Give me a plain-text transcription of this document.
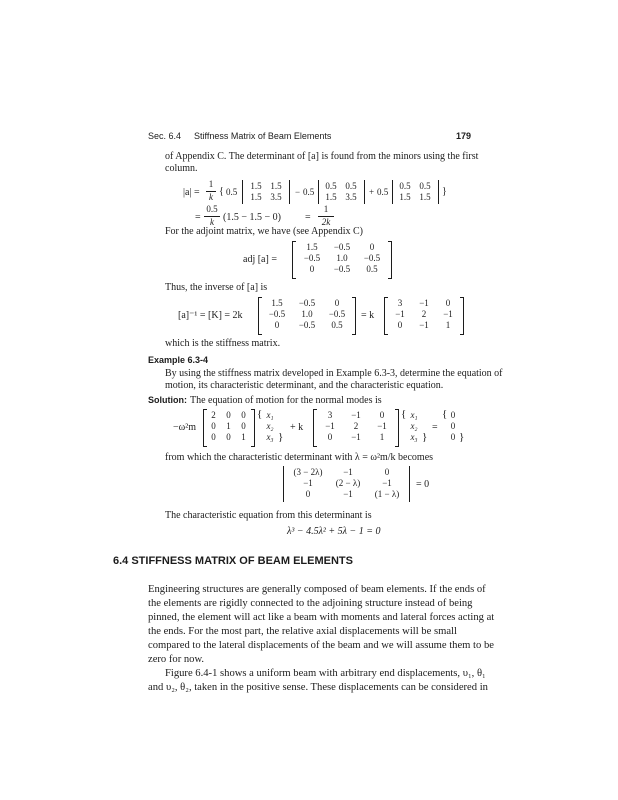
Sec. 6.4 Stiffness Matrix of Beam Elements	179
of Appendix C. The determinant of [a] is found from the minors using the first
column.
|a| =
1
k { 0.5
1.5 1.5
1.5 3.5	− 0.5
0.5 0.5
1.5 3.5	+ 0.5
0.5 0.5
1.5 1.5	}
=
0.5
k (1.5 − 1.5 − 0) =
1
2k
For the adjoint matrix, we have (see Appendix C)
adj [a] =
1.5	−0.5	0
−0.5	1.0	−0.5
0	−0.5	0.5
Thus, the inverse of [a] is
[a]⁻¹ = [K] = 2k
1.5	−0.5	0
−0.5	1.0	−0.5
0	−0.5	0.5
= k
3	−1	0
−1	2	−1
0	−1	1
which is the stiffness matrix.
Example 6.3-4
By using the stiffness matrix developed in Example 6.3-3, determine the equation of
motion, its characteristic determinant, and the characteristic equation.
Solution: The equation of motion for the normal modes is
−ω²m
2	0	0
0	1	0
0	0	1
{ x₁
x₂
x₃ }
+ k
3	−1	0
−1	2	−1
0	−1	1
{ x₁
x₂
x₃ }
=
{ 0
0
0 }
from which the characteristic determinant with λ = ω²m/k becomes
(3 − 2λ)	−1	0
−1	(2 − λ)	−1
0	−1	(1 − λ)
= 0
The characteristic equation from this determinant is
λ³ − 4.5λ² + 5λ − 1 = 0
6.4 STIFFNESS MATRIX OF BEAM ELEMENTS
Engineering structures are generally composed of beam elements. If the ends of
the elements are rigidly connected to the adjoining structure instead of being
pinned, the element will act like a beam with moments and lateral forces acting at
the ends. For the most part, the relative axial displacements will be small
compared to the lateral displacements of the beam and we will assume them to be
zero for now.
Figure 6.4-1 shows a uniform beam with arbitrary end displacements, υ₁, θ₁
and υ₂, θ₂, taken in the positive sense. These displacements can be considered in
